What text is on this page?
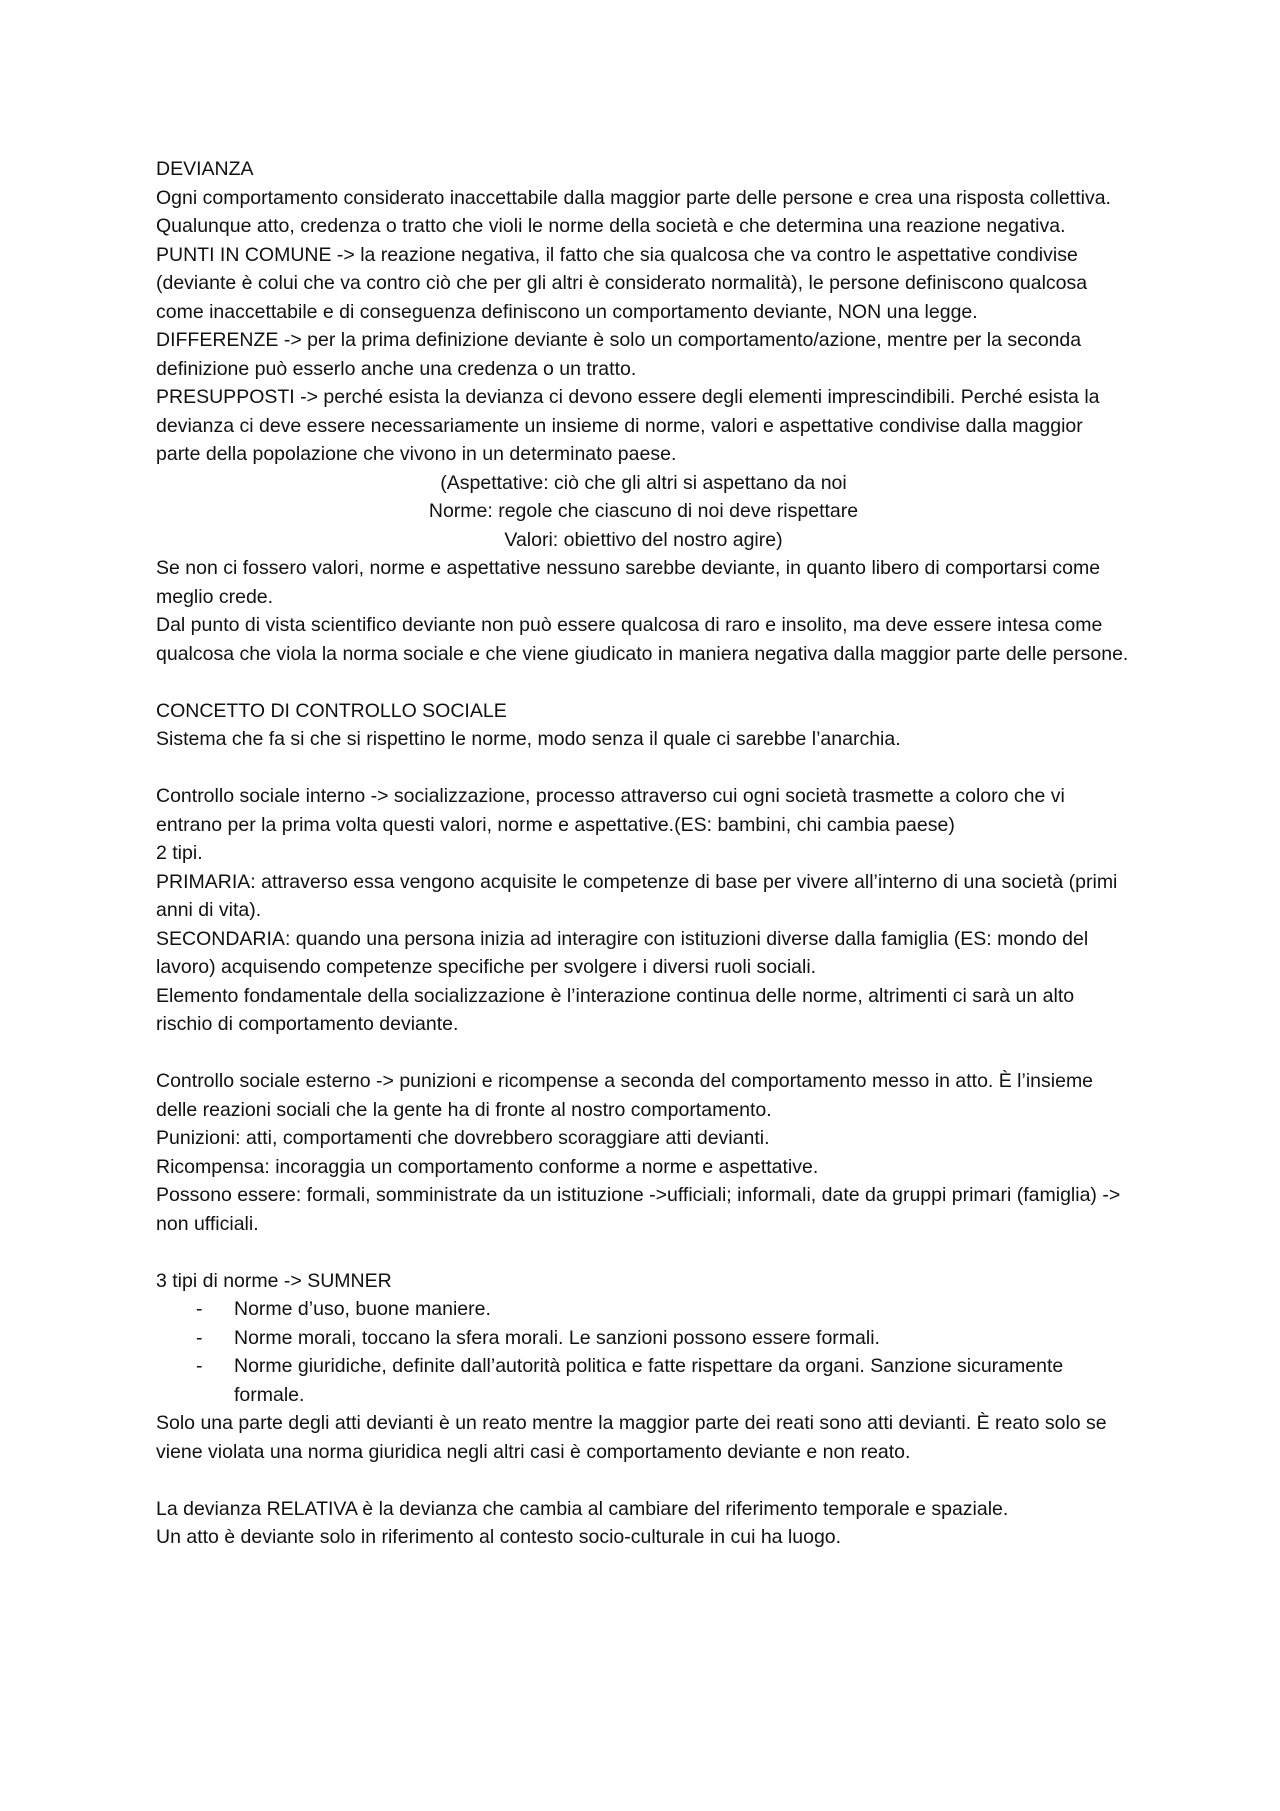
DEVIANZA

Ogni comportamento considerato inaccettabile dalla maggior parte delle persone e crea una risposta collettiva.

Qualunque atto, credenza o tratto che violi le norme della società e che determina una reazione negativa.

PUNTI IN COMUNE -> la reazione negativa, il fatto che sia qualcosa che va contro le aspettative condivise (deviante è colui che va contro ciò che per gli altri è considerato normalità), le persone definiscono qualcosa come inaccettabile e di conseguenza definiscono un comportamento deviante, NON una legge.

DIFFERENZE -> per la prima definizione deviante è solo un comportamento/azione, mentre per la seconda definizione può esserlo anche una credenza o un tratto.

PRESUPPOSTI -> perché esista la devianza ci devono essere degli elementi imprescindibili. Perché esista la devianza ci deve essere necessariamente un insieme di norme, valori e aspettative condivise dalla maggior parte della popolazione che vivono in un determinato paese.

(Aspettative: ciò che gli altri si aspettano da noi

Norme: regole che ciascuno di noi deve rispettare

Valori: obiettivo del nostro agire)

Se non ci fossero valori, norme e aspettative nessuno sarebbe deviante, in quanto libero di comportarsi come meglio crede.

Dal punto di vista scientifico deviante non può essere qualcosa di raro e insolito, ma deve essere intesa come qualcosa che viola la norma sociale e che viene giudicato in maniera negativa dalla maggior parte delle persone.

CONCETTO DI CONTROLLO SOCIALE

Sistema che fa si che si rispettino le norme, modo senza il quale ci sarebbe l’anarchia.

Controllo sociale interno -> socializzazione, processo attraverso cui ogni società trasmette a coloro che vi entrano per la prima volta questi valori, norme e aspettative.(ES: bambini, chi cambia paese)

2 tipi.

PRIMARIA: attraverso essa vengono acquisite le competenze di base per vivere all’interno di una società (primi anni di vita).

SECONDARIA: quando una persona inizia ad interagire con istituzioni diverse dalla famiglia (ES: mondo del lavoro) acquisendo competenze specifiche per svolgere i diversi ruoli sociali.

Elemento fondamentale della socializzazione è l’interazione continua delle norme, altrimenti ci sarà un alto rischio di comportamento deviante.

Controllo sociale esterno -> punizioni e ricompense a seconda del comportamento messo in atto. È l’insieme delle reazioni sociali che la gente ha di fronte al nostro comportamento.

Punizioni: atti, comportamenti che dovrebbero scoraggiare atti devianti.

Ricompensa: incoraggia un comportamento conforme a norme e aspettative.

Possono essere: formali, somministrate da un istituzione ->ufficiali; informali, date da gruppi primari (famiglia) -> non ufficiali.

3 tipi di norme -> SUMNER

- Norme d’uso, buone maniere.
- Norme morali, toccano la sfera morali. Le sanzioni possono essere formali.
- Norme giuridiche, definite dall’autorità politica e fatte rispettare da organi. Sanzione sicuramente formale.

Solo una parte degli atti devianti è un reato mentre la maggior parte dei reati sono atti devianti. È reato solo se viene violata una norma giuridica negli altri casi è comportamento deviante e non reato.

La devianza RELATIVA è la devianza che cambia al cambiare del riferimento temporale e spaziale.

Un atto è deviante solo in riferimento al contesto socio-culturale in cui ha luogo.
